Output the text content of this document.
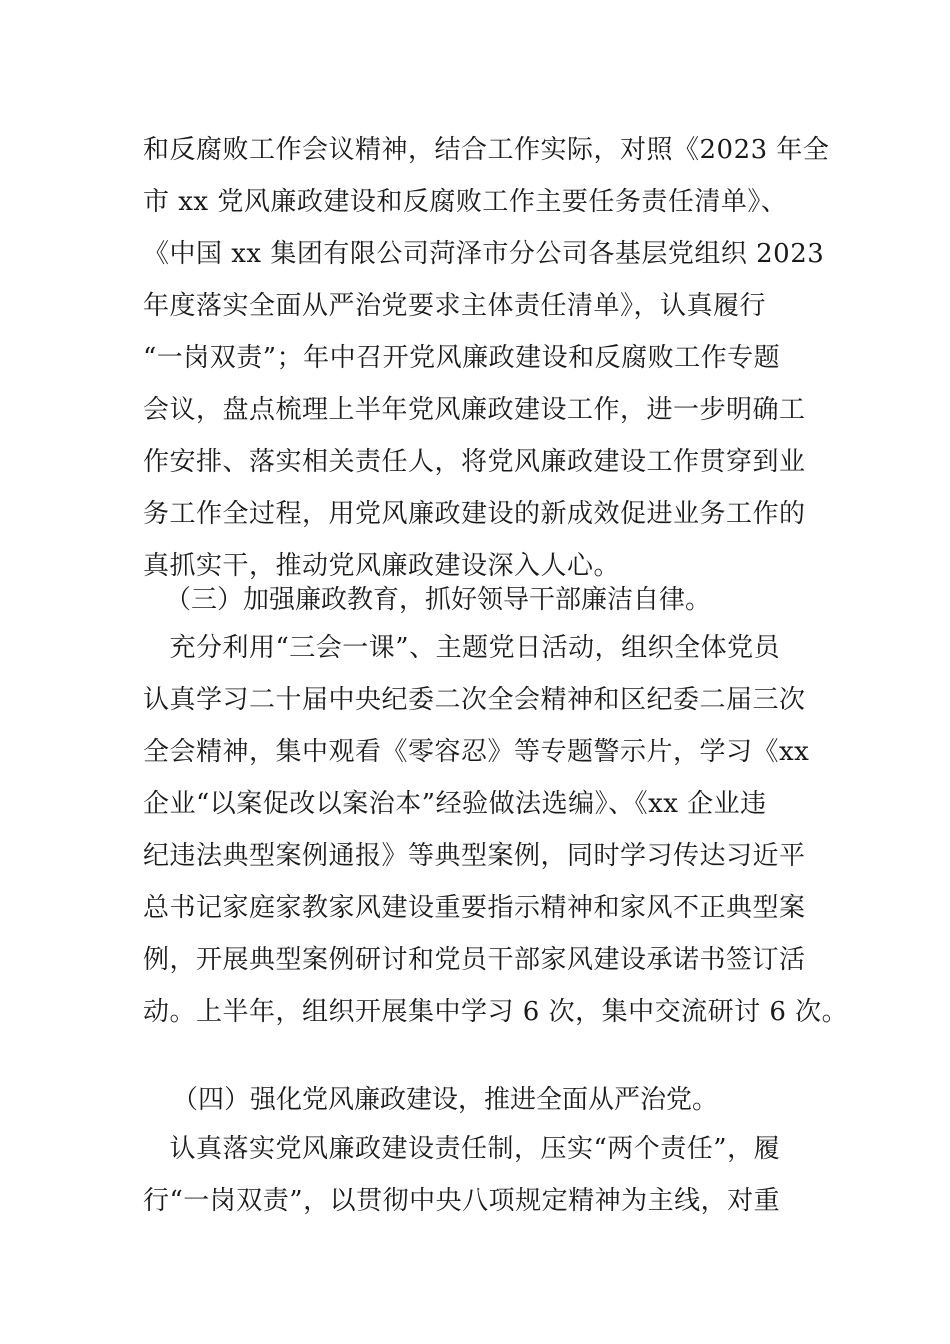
和反腐败工作会议精神，结合工作实际，对照《2023 年全
市 xx 党风廉政建设和反腐败工作主要任务责任清单》、
《中国 xx 集团有限公司菏泽市分公司各基层党组织 2023
年度落实全面从严治党要求主体责任清单》，认真履行
“一岗双责”；年中召开党风廉政建设和反腐败工作专题
会议，盘点梳理上半年党风廉政建设工作，进一步明确工
作安排、落实相关责任人，将党风廉政建设工作贯穿到业
务工作全过程，用党风廉政建设的新成效促进业务工作的
真抓实干，推动党风廉政建设深入人心。
（三）加强廉政教育，抓好领导干部廉洁自律。
　充分利用“三会一课”、主题党日活动，组织全体党员
认真学习二十届中央纪委二次全会精神和区纪委二届三次
全会精神，集中观看《零容忍》等专题警示片，学习《xx
企业“以案促改以案治本”经验做法选编》、《xx 企业违
纪违法典型案例通报》等典型案例，同时学习传达习近平
总书记家庭家教家风建设重要指示精神和家风不正典型案
例，开展典型案例研讨和党员干部家风建设承诺书签订活
动。上半年，组织开展集中学习 6 次，集中交流研讨 6 次。
（四）强化党风廉政建设，推进全面从严治党。
　认真落实党风廉政建设责任制，压实“两个责任”，履
行“一岗双责”，以贯彻中央八项规定精神为主线，对重
